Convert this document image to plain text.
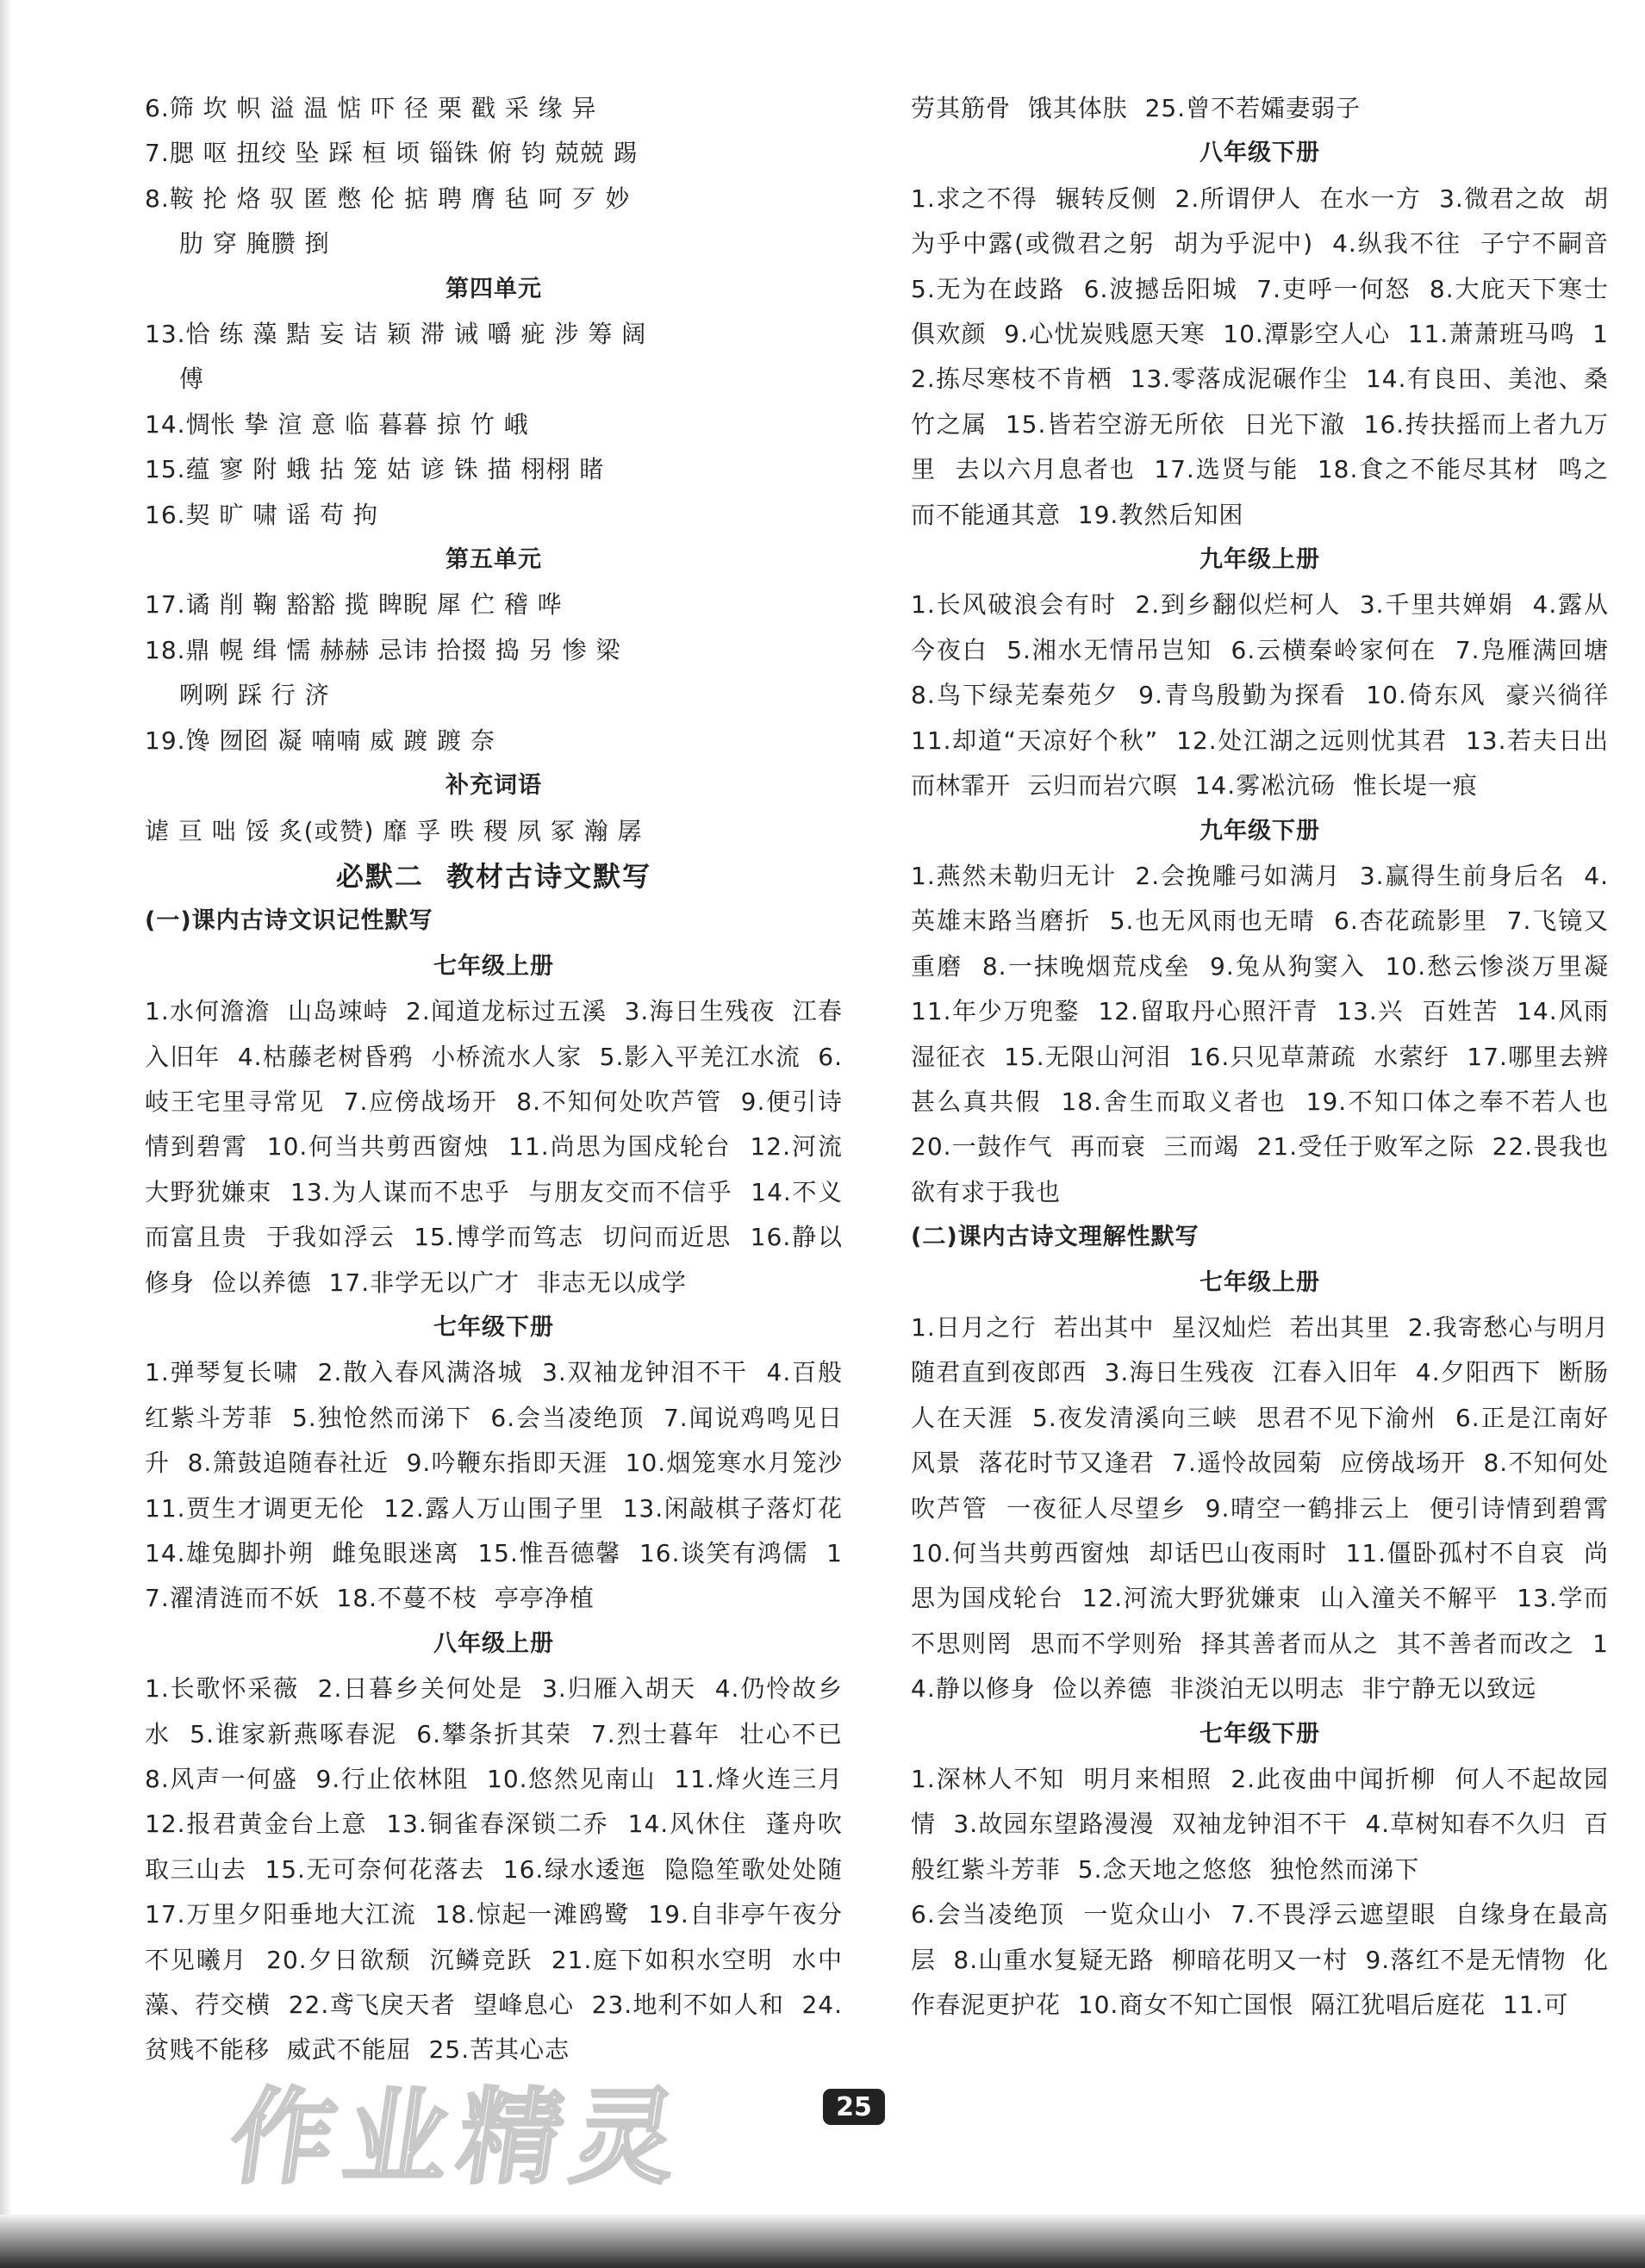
6.筛 坎 帜 溢 温 惦 吓 径 栗 戳 采 缘 异

7.腮 呕 扭绞 坠 踩 桓 顷 锱铢 俯 钧 兢兢 踢

8.鞍 抡 烙 驭 匿 憋 伦 掂 聘 膺 毡 呵 歹 妙

肋 穿 腌臜 捯

第四单元

13.恰 练 藻 黠 妄 诘 颖 滞 诫 嚼 疵 涉 筹 阔

傅

14.惆怅 挚 渲 意 临 暮暮 掠 竹 峨

15.蕴 寥 附 蛾 拈 笼 姑 谚 铢 描 栩栩 睹

16.契 旷 啸 谣 苟 拘

第五单元

17.谲 削 鞠 豁豁 揽 睥睨 犀 伫 稽 哗

18.鼎 幌 缉 懦 赫赫 忌讳 拾掇 捣 另 惨 梁

咧咧 踩 行 济

19.馋 囫囵 凝 喃喃 威 踱 踱 奈

补充词语

谑 亘 咄 馁 炙(或赞) 靡 孚 昳 稷 夙 冢 瀚 孱

必默二  教材古诗文默写

(一)课内古诗文识记性默写

七年级上册

1.水何澹澹  山岛竦峙  2.闻道龙标过五溪  3.海日生残夜  江春入旧年  4.枯藤老树昏鸦  小桥流水人家  5.影入平羌江水流  6.岐王宅里寻常见  7.应傍战场开  8.不知何处吹芦管  9.便引诗情到碧霄  10.何当共剪西窗烛  11.尚思为国戍轮台  12.河流大野犹嫌束  13.为人谋而不忠乎  与朋友交而不信乎  14.不义而富且贵  于我如浮云  15.博学而笃志  切问而近思  16.静以修身  俭以养德  17.非学无以广才  非志无以成学

七年级下册

1.弹琴复长啸  2.散入春风满洛城  3.双袖龙钟泪不干  4.百般红紫斗芳菲  5.独怆然而涕下  6.会当凌绝顶  7.闻说鸡鸣见日升  8.箫鼓追随春社近  9.吟鞭东指即天涯  10.烟笼寒水月笼沙  11.贾生才调更无伦  12.露人万山围子里  13.闲敲棋子落灯花  14.雄兔脚扑朔  雌兔眼迷离  15.惟吾德馨  16.谈笑有鸿儒  17.濯清涟而不妖  18.不蔓不枝  亭亭净植

八年级上册

1.长歌怀采薇  2.日暮乡关何处是  3.归雁入胡天  4.仍怜故乡水  5.谁家新燕啄春泥  6.攀条折其荣  7.烈士暮年  壮心不已  8.风声一何盛  9.行止依林阻  10.悠然见南山  11.烽火连三月  12.报君黄金台上意  13.铜雀春深锁二乔  14.风休住  蓬舟吹取三山去  15.无可奈何花落去  16.绿水逶迤  隐隐笙歌处处随  17.万里夕阳垂地大江流  18.惊起一滩鸥鹭  19.自非亭午夜分  不见曦月  20.夕日欲颓  沉鳞竞跃  21.庭下如积水空明  水中藻、荇交横  22.鸢飞戾天者  望峰息心  23.地利不如人和  24.贫贱不能移  威武不能屈  25.苦其心志

劳其筋骨  饿其体肤  25.曾不若孀妻弱子

八年级下册

1.求之不得  辗转反侧  2.所谓伊人  在水一方  3.微君之故  胡为乎中露(或微君之躬  胡为乎泥中)  4.纵我不往  子宁不嗣音  5.无为在歧路  6.波撼岳阳城  7.吏呼一何怒  8.大庇天下寒士俱欢颜  9.心忧炭贱愿天寒  10.潭影空人心  11.萧萧班马鸣  12.拣尽寒枝不肯栖  13.零落成泥碾作尘  14.有良田、美池、桑竹之属  15.皆若空游无所依  日光下澈  16.抟扶摇而上者九万里  去以六月息者也  17.选贤与能  18.食之不能尽其材  鸣之而不能通其意  19.教然后知困

九年级上册

1.长风破浪会有时  2.到乡翻似烂柯人  3.千里共婵娟  4.露从今夜白  5.湘水无情吊岂知  6.云横秦岭家何在  7.凫雁满回塘  8.鸟下绿芜秦苑夕  9.青鸟殷勤为探看  10.倚东风  豪兴徜徉  11.却道“天凉好个秋”  12.处江湖之远则忧其君  13.若夫日出而林霏开  云归而岩穴暝  14.雾凇沆砀  惟长堤一痕

九年级下册

1.燕然未勒归无计  2.会挽雕弓如满月  3.赢得生前身后名  4.英雄末路当磨折  5.也无风雨也无晴  6.杏花疏影里  7.飞镜又重磨  8.一抹晚烟荒戍垒  9.兔从狗窦入  10.愁云惨淡万里凝  11.年少万兜鍪  12.留取丹心照汗青  13.兴  百姓苦  14.风雨湿征衣  15.无限山河泪  16.只见草萧疏  水萦纡  17.哪里去辨甚么真共假  18.舍生而取义者也  19.不知口体之奉不若人也  20.一鼓作气  再而衰  三而竭  21.受任于败军之际  22.畏我也  欲有求于我也

(二)课内古诗文理解性默写

七年级上册

1.日月之行  若出其中  星汉灿烂  若出其里  2.我寄愁心与明月  随君直到夜郎西  3.海日生残夜  江春入旧年  4.夕阳西下  断肠人在天涯  5.夜发清溪向三峡  思君不见下渝州  6.正是江南好风景  落花时节又逢君  7.遥怜故园菊  应傍战场开  8.不知何处吹芦管  一夜征人尽望乡  9.晴空一鹤排云上  便引诗情到碧霄  10.何当共剪西窗烛  却话巴山夜雨时  11.僵卧孤村不自哀  尚思为国戍轮台  12.河流大野犹嫌束  山入潼关不解平  13.学而不思则罔  思而不学则殆  择其善者而从之  其不善者而改之  14.静以修身  俭以养德  非淡泊无以明志  非宁静无以致远

七年级下册

1.深林人不知  明月来相照  2.此夜曲中闻折柳  何人不起故园情  3.故园东望路漫漫  双袖龙钟泪不干  4.草树知春不久归  百般红紫斗芳菲  5.念天地之悠悠  独怆然而涕下

6.会当凌绝顶  一览众山小  7.不畏浮云遮望眼  自缘身在最高层  8.山重水复疑无路  柳暗花明又一村  9.落红不是无情物  化作春泥更护花  10.商女不知亡国恨  隔江犹唱后庭花  11.可

作业精灵	25
